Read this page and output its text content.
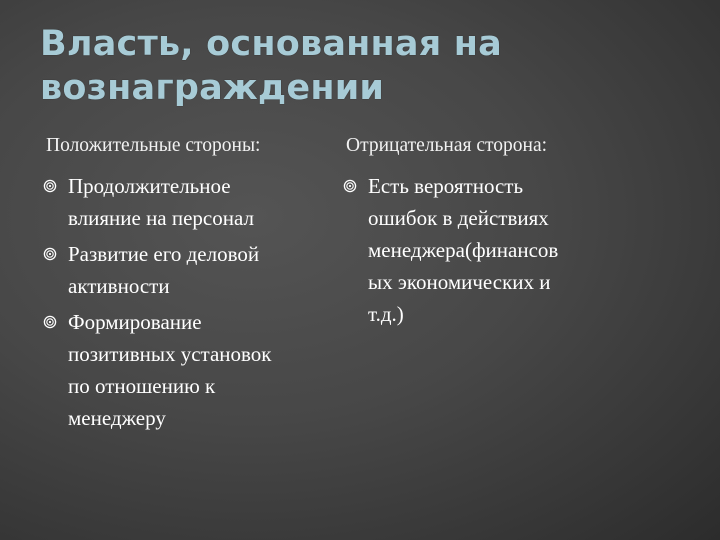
Власть, основанная на
вознаграждении
Положительные стороны:
Продолжительное
влияние на персонал
Развитие его деловой
активности
Формирование
позитивных установок
по отношению к
менеджеру
Отрицательная сторона:
Есть вероятность
ошибок в действиях
менеджера(финансов
ых экономических и
т.д.)
